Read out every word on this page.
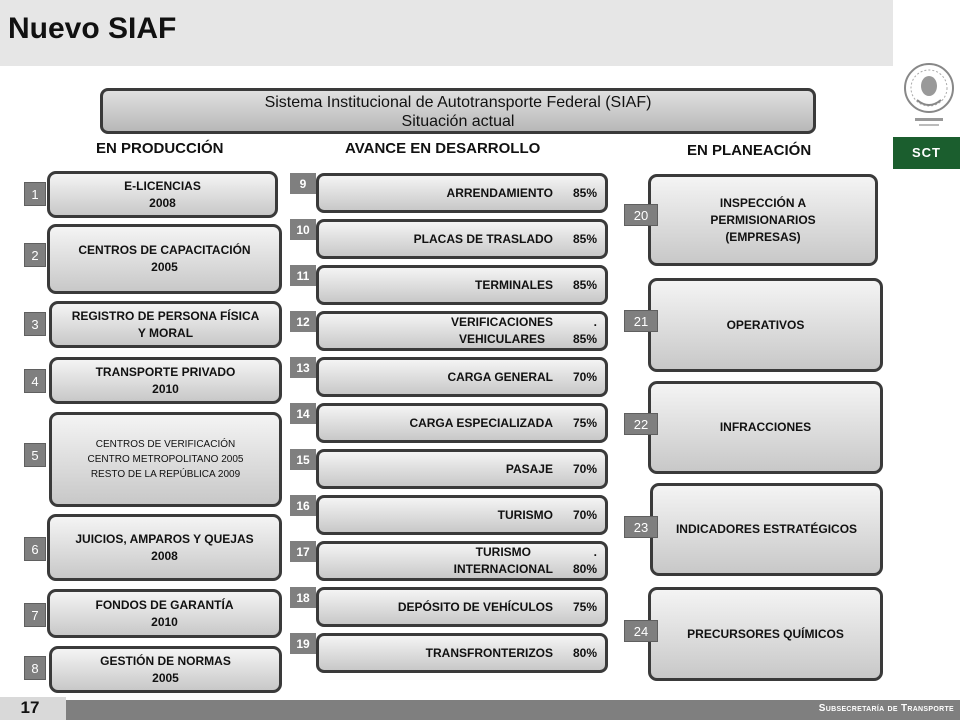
Nuevo SIAF
SCT
Sistema Institucional de Autotransporte Federal (SIAF)
Situación actual
EN PRODUCCIÓN	AVANCE EN DESARROLLO	EN PLANEACIÓN
E-LICENCIAS
2008
1
CENTROS DE CAPACITACIÓN
2005
2
REGISTRO DE PERSONA FÍSICA
Y MORAL
3
TRANSPORTE PRIVADO
2010
4
CENTROS DE VERIFICACIÓN
CENTRO METROPOLITANO 2005
RESTO DE LA REPÚBLICA 2009
5
JUICIOS, AMPAROS Y QUEJAS
2008
6
FONDOS DE GARANTÍA
2010
7
GESTIÓN DE NORMAS
2005
8
ARRENDAMIENTO 85%
9
PLACAS DE TRASLADO 85%
10
TERMINALES 85%
11
VERIFICACIONES
VEHICULARES
.
85%
12
CARGA GENERAL 70%
13
CARGA ESPECIALIZADA 75%
14
PASAJE 70%
15
TURISMO 70%
16
TURISMO
INTERNACIONAL
.
80%
17
DEPÓSITO DE VEHÍCULOS 75%
18
TRANSFRONTERIZOS 80%
19
INSPECCIÓN A
PERMISIONARIOS
(EMPRESAS)
20
OPERATIVOS
21
INFRACCIONES
22
INDICADORES ESTRATÉGICOS
23
PRECURSORES QUÍMICOS
24
17	Subsecretaría de Transporte
